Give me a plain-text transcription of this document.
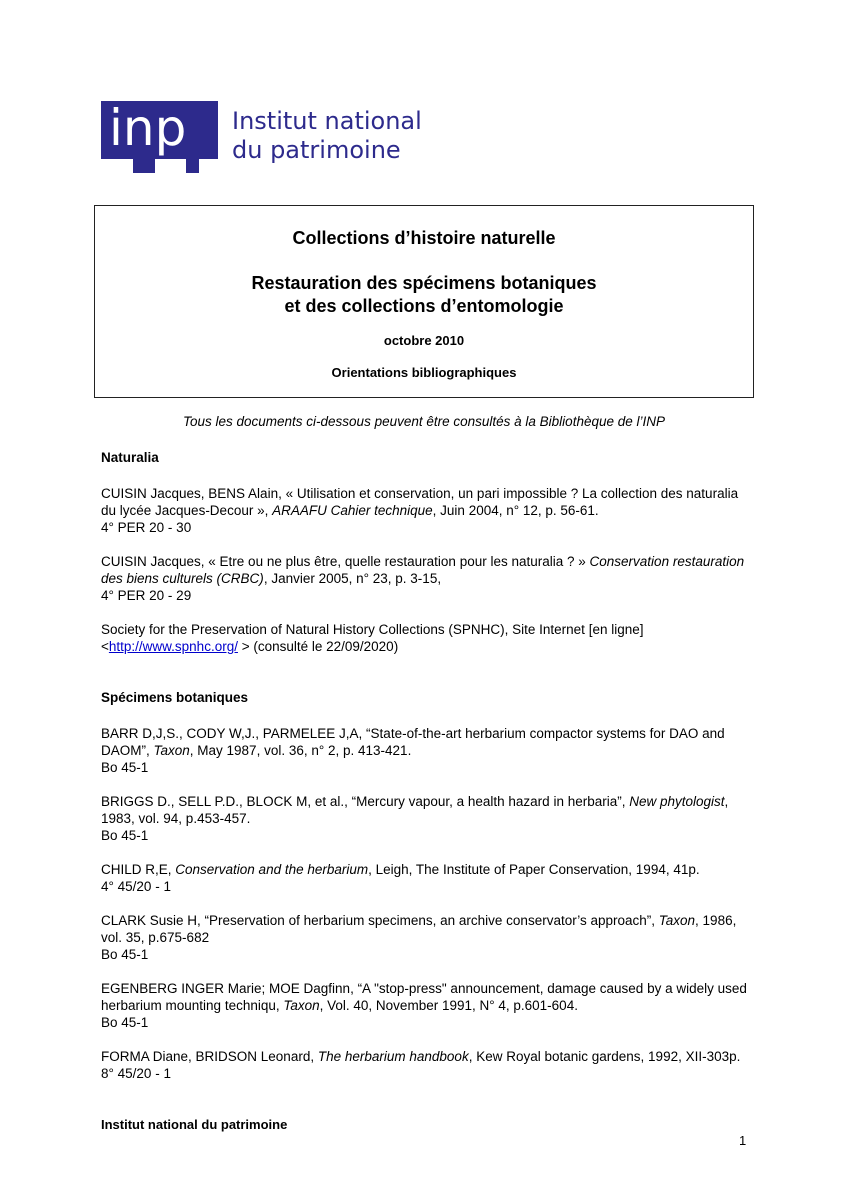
inp	Institut national
du patrimoine
Collections d’histoire naturelle
Restauration des spécimens botaniques
et des collections d’entomologie
octobre 2010
Orientations bibliographiques
Tous les documents ci-dessous peuvent être consultés à la Bibliothèque de l’INP

Naturalia

CUISIN Jacques, BENS Alain, « Utilisation et conservation, un pari impossible ? La collection des naturalia du lycée Jacques-Decour », ARAAFU Cahier technique, Juin 2004, n° 12, p. 56-61.

4° PER 20 - 30

CUISIN Jacques, « Etre ou ne plus être, quelle restauration pour les naturalia ? » Conservation restauration des biens culturels (CRBC), Janvier 2005, n° 23, p. 3-15,

4° PER 20 - 29

Society for the Preservation of Natural History Collections (SPNHC), Site Internet [en ligne] <http://www.spnhc.org/ > (consulté le 22/09/2020)

Spécimens botaniques

BARR D,J,S., CODY W,J., PARMELEE J,A, “State-of-the-art herbarium compactor systems for DAO and DAOM”, Taxon, May 1987, vol. 36, n° 2, p. 413-421.

Bo 45-1

BRIGGS D., SELL P.D., BLOCK M, et al., “Mercury vapour, a health hazard in herbaria”, New phytologist, 1983, vol. 94, p.453-457.

Bo 45-1

CHILD R,E, Conservation and the herbarium, Leigh, The Institute of Paper Conservation, 1994, 41p.

4° 45/20 - 1

CLARK Susie H, “Preservation of herbarium specimens, an archive conservator’s approach”, Taxon, 1986, vol. 35, p.675-682

Bo 45-1

EGENBERG INGER Marie; MOE Dagfinn, “A "stop-press" announcement, damage caused by a widely used herbarium mounting techniqu, Taxon, Vol. 40, November 1991, N° 4, p.601-604.

Bo 45-1

FORMA Diane, BRIDSON Leonard, The herbarium handbook, Kew Royal botanic gardens, 1992, XII-303p.

8° 45/20 - 1

Institut national du patrimoine
1
